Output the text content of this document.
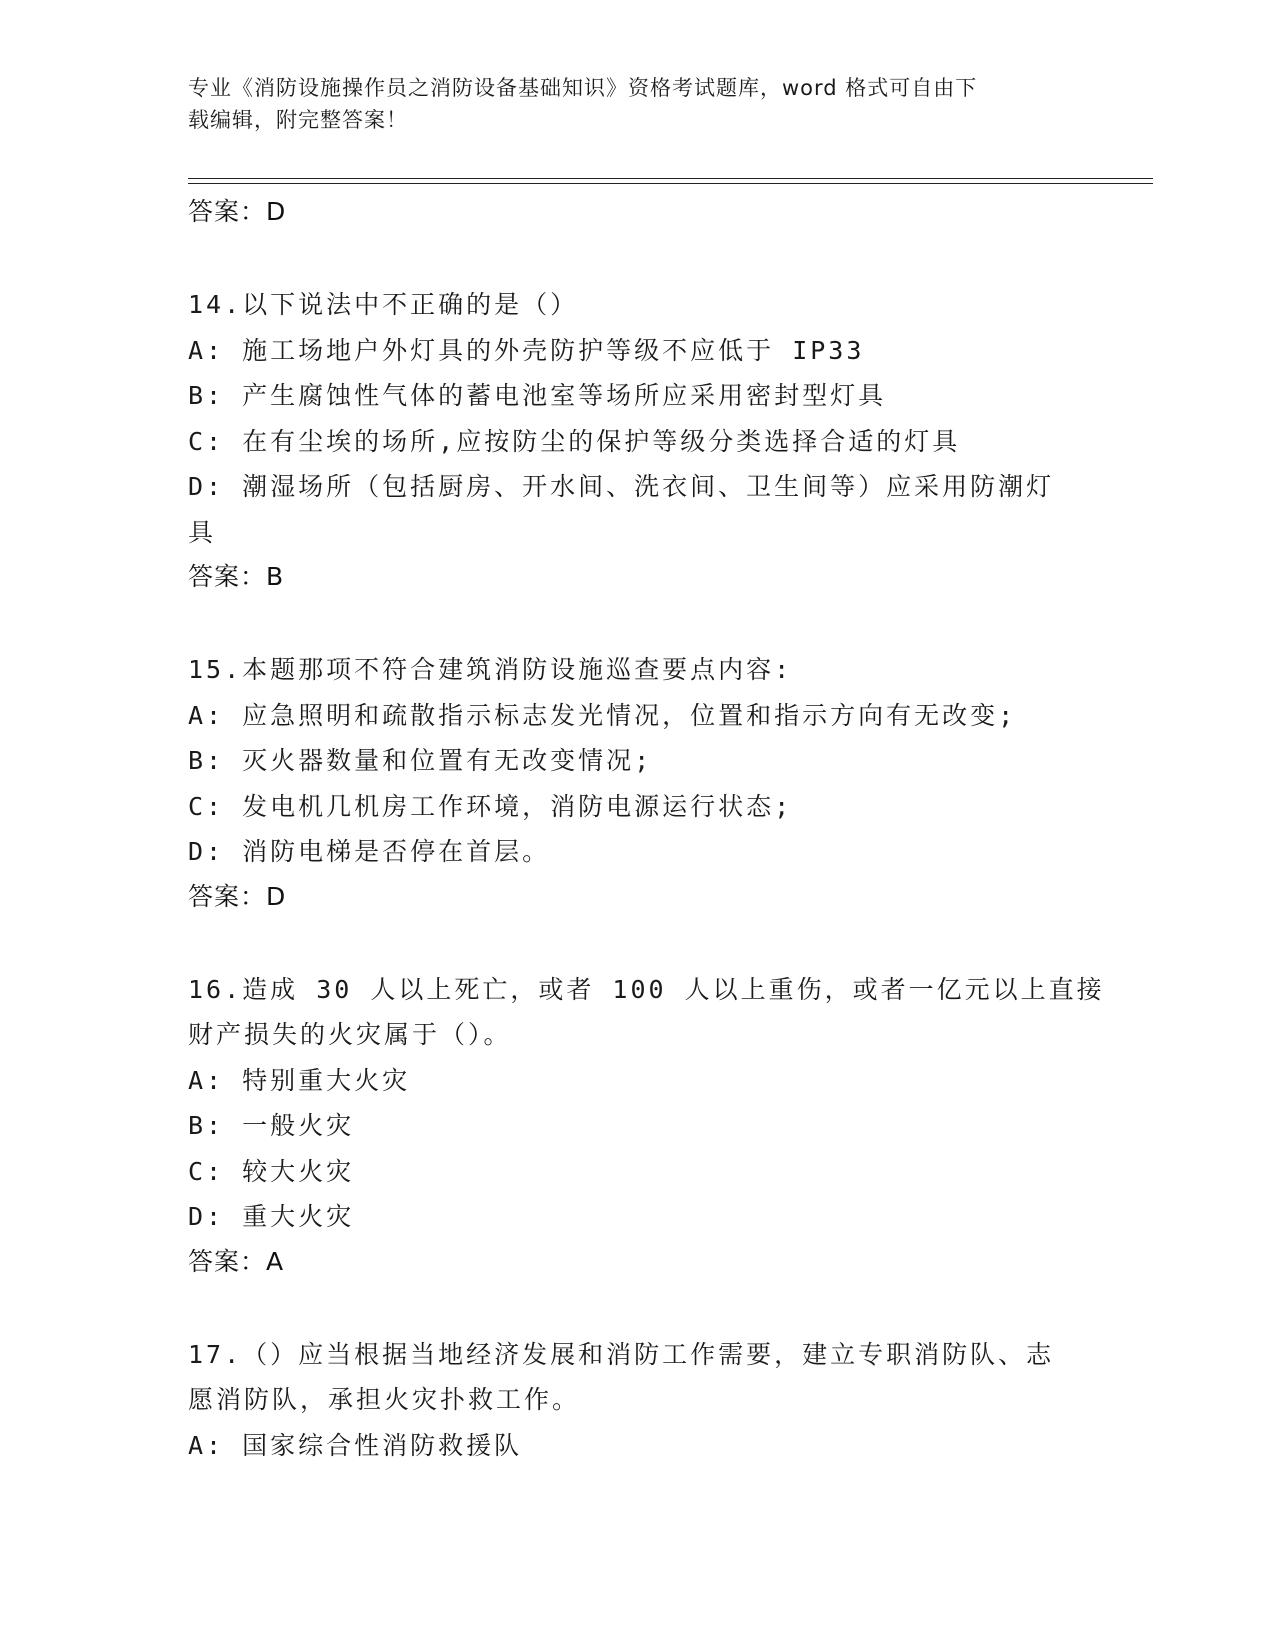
专业《消防设施操作员之消防设备基础知识》资格考试题库，word 格式可自由下
载编辑，附完整答案！
答案：D
14.以下说法中不正确的是（）
A: 施工场地户外灯具的外壳防护等级不应低于 IP33
B: 产生腐蚀性气体的蓄电池室等场所应采用密封型灯具
C: 在有尘埃的场所,应按防尘的保护等级分类选择合适的灯具
D: 潮湿场所（包括厨房、开水间、洗衣间、卫生间等）应采用防潮灯
具
答案：B
15.本题那项不符合建筑消防设施巡查要点内容:
A: 应急照明和疏散指示标志发光情况，位置和指示方向有无改变;
B: 灭火器数量和位置有无改变情况;
C: 发电机几机房工作环境，消防电源运行状态;
D: 消防电梯是否停在首层。
答案：D
16.造成 30 人以上死亡，或者 100 人以上重伤，或者一亿元以上直接
财产损失的火灾属于（）。
A: 特别重大火灾
B: 一般火灾
C: 较大火灾
D: 重大火灾
答案：A
17.（）应当根据当地经济发展和消防工作需要，建立专职消防队、志
愿消防队，承担火灾扑救工作。
A: 国家综合性消防救援队
